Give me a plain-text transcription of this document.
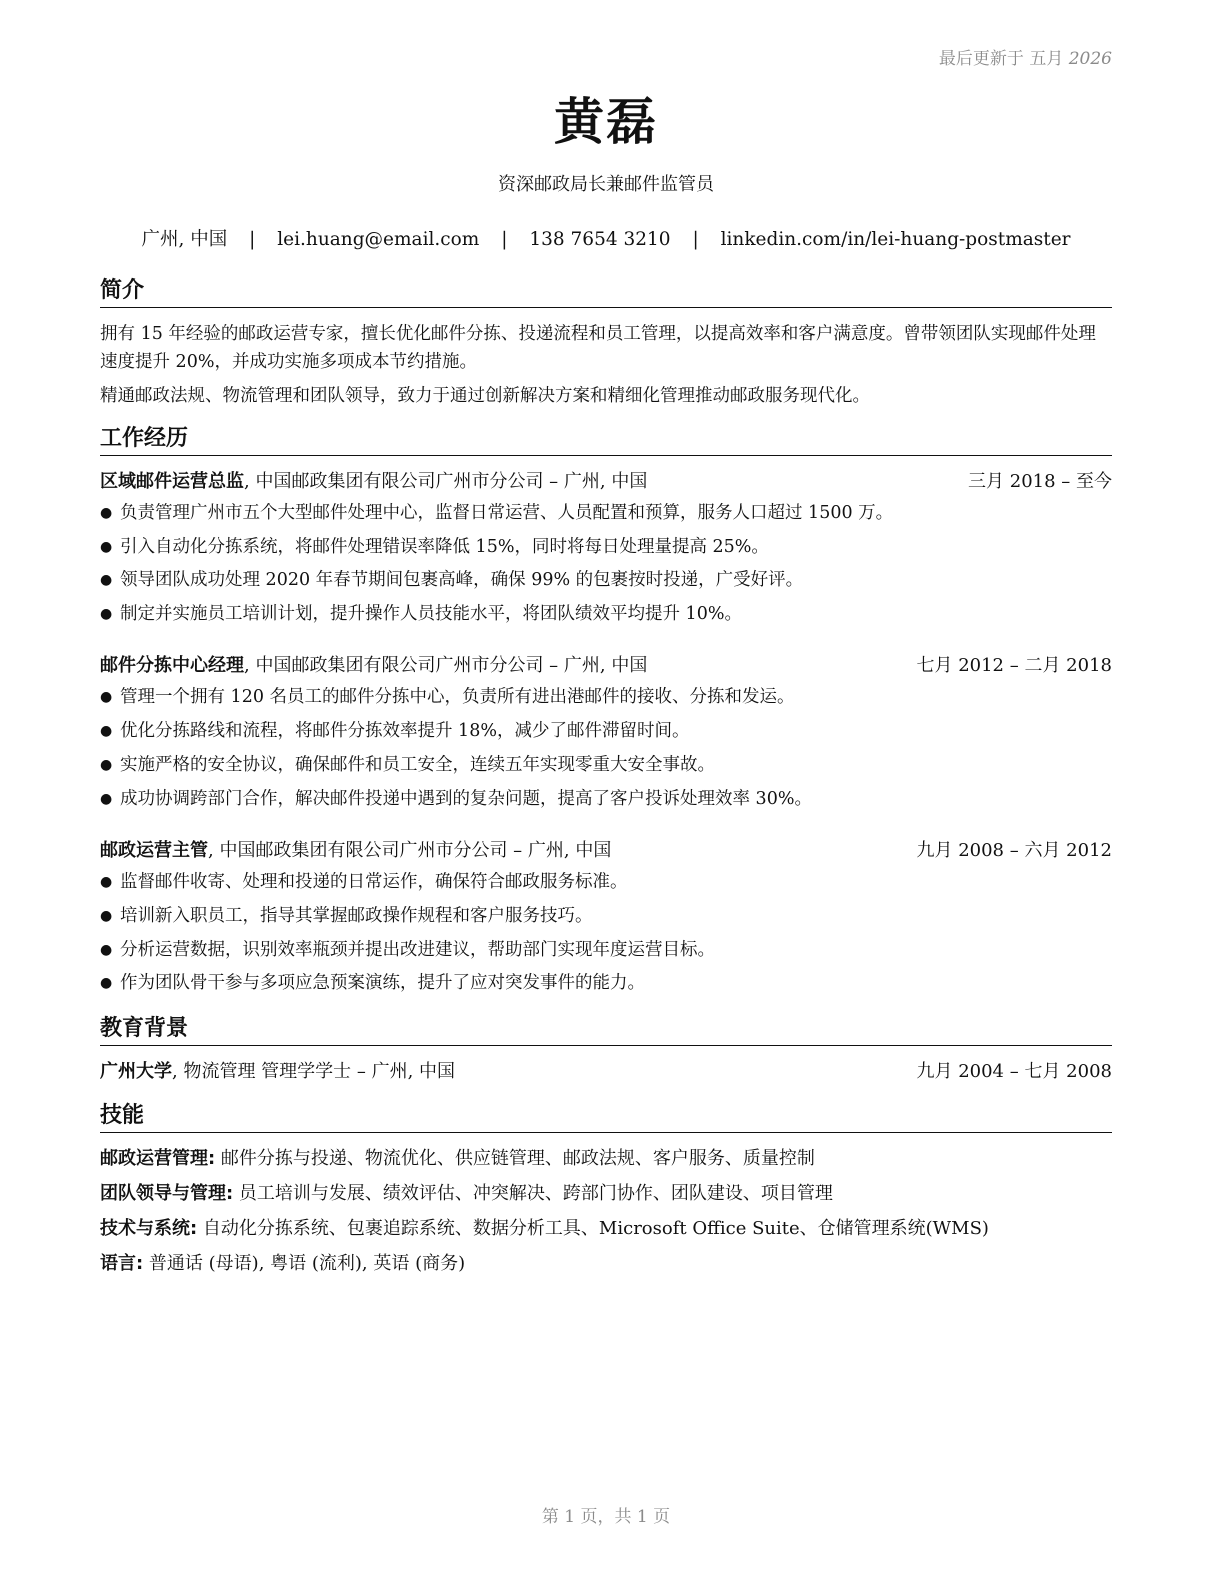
最后更新于 五月 2026
黄磊
资深邮政局长兼邮件监管员
广州, 中国 | lei.huang@email.com | 138 7654 3210 | linkedin.com/in/lei-huang-postmaster
简介
拥有 15 年经验的邮政运营专家，擅长优化邮件分拣、投递流程和员工管理，以提高效率和客户满意度。曾带领团队实现邮件处理速度提升 20%，并成功实施多项成本节约措施。
精通邮政法规、物流管理和团队领导，致力于通过创新解决方案和精细化管理推动邮政服务现代化。
工作经历
区域邮件运营总监, 中国邮政集团有限公司广州市分公司 – 广州, 中国	三月 2018 – 至今
● 负责管理广州市五个大型邮件处理中心，监督日常运营、人员配置和预算，服务人口超过 1500 万。
● 引入自动化分拣系统，将邮件处理错误率降低 15%，同时将每日处理量提高 25%。
● 领导团队成功处理 2020 年春节期间包裹高峰，确保 99% 的包裹按时投递，广受好评。
● 制定并实施员工培训计划，提升操作人员技能水平，将团队绩效平均提升 10%。
邮件分拣中心经理, 中国邮政集团有限公司广州市分公司 – 广州, 中国	七月 2012 – 二月 2018
● 管理一个拥有 120 名员工的邮件分拣中心，负责所有进出港邮件的接收、分拣和发运。
● 优化分拣路线和流程，将邮件分拣效率提升 18%，减少了邮件滞留时间。
● 实施严格的安全协议，确保邮件和员工安全，连续五年实现零重大安全事故。
● 成功协调跨部门合作，解决邮件投递中遇到的复杂问题，提高了客户投诉处理效率 30%。
邮政运营主管, 中国邮政集团有限公司广州市分公司 – 广州, 中国	九月 2008 – 六月 2012
● 监督邮件收寄、处理和投递的日常运作，确保符合邮政服务标准。
● 培训新入职员工，指导其掌握邮政操作规程和客户服务技巧。
● 分析运营数据，识别效率瓶颈并提出改进建议，帮助部门实现年度运营目标。
● 作为团队骨干参与多项应急预案演练，提升了应对突发事件的能力。
教育背景
广州大学, 物流管理 管理学学士 – 广州, 中国	九月 2004 – 七月 2008
技能
邮政运营管理: 邮件分拣与投递、物流优化、供应链管理、邮政法规、客户服务、质量控制
团队领导与管理: 员工培训与发展、绩效评估、冲突解决、跨部门协作、团队建设、项目管理
技术与系统: 自动化分拣系统、包裹追踪系统、数据分析工具、Microsoft Office Suite、仓储管理系统(WMS)
语言: 普通话 (母语), 粤语 (流利), 英语 (商务)
第 1 页，共 1 页
